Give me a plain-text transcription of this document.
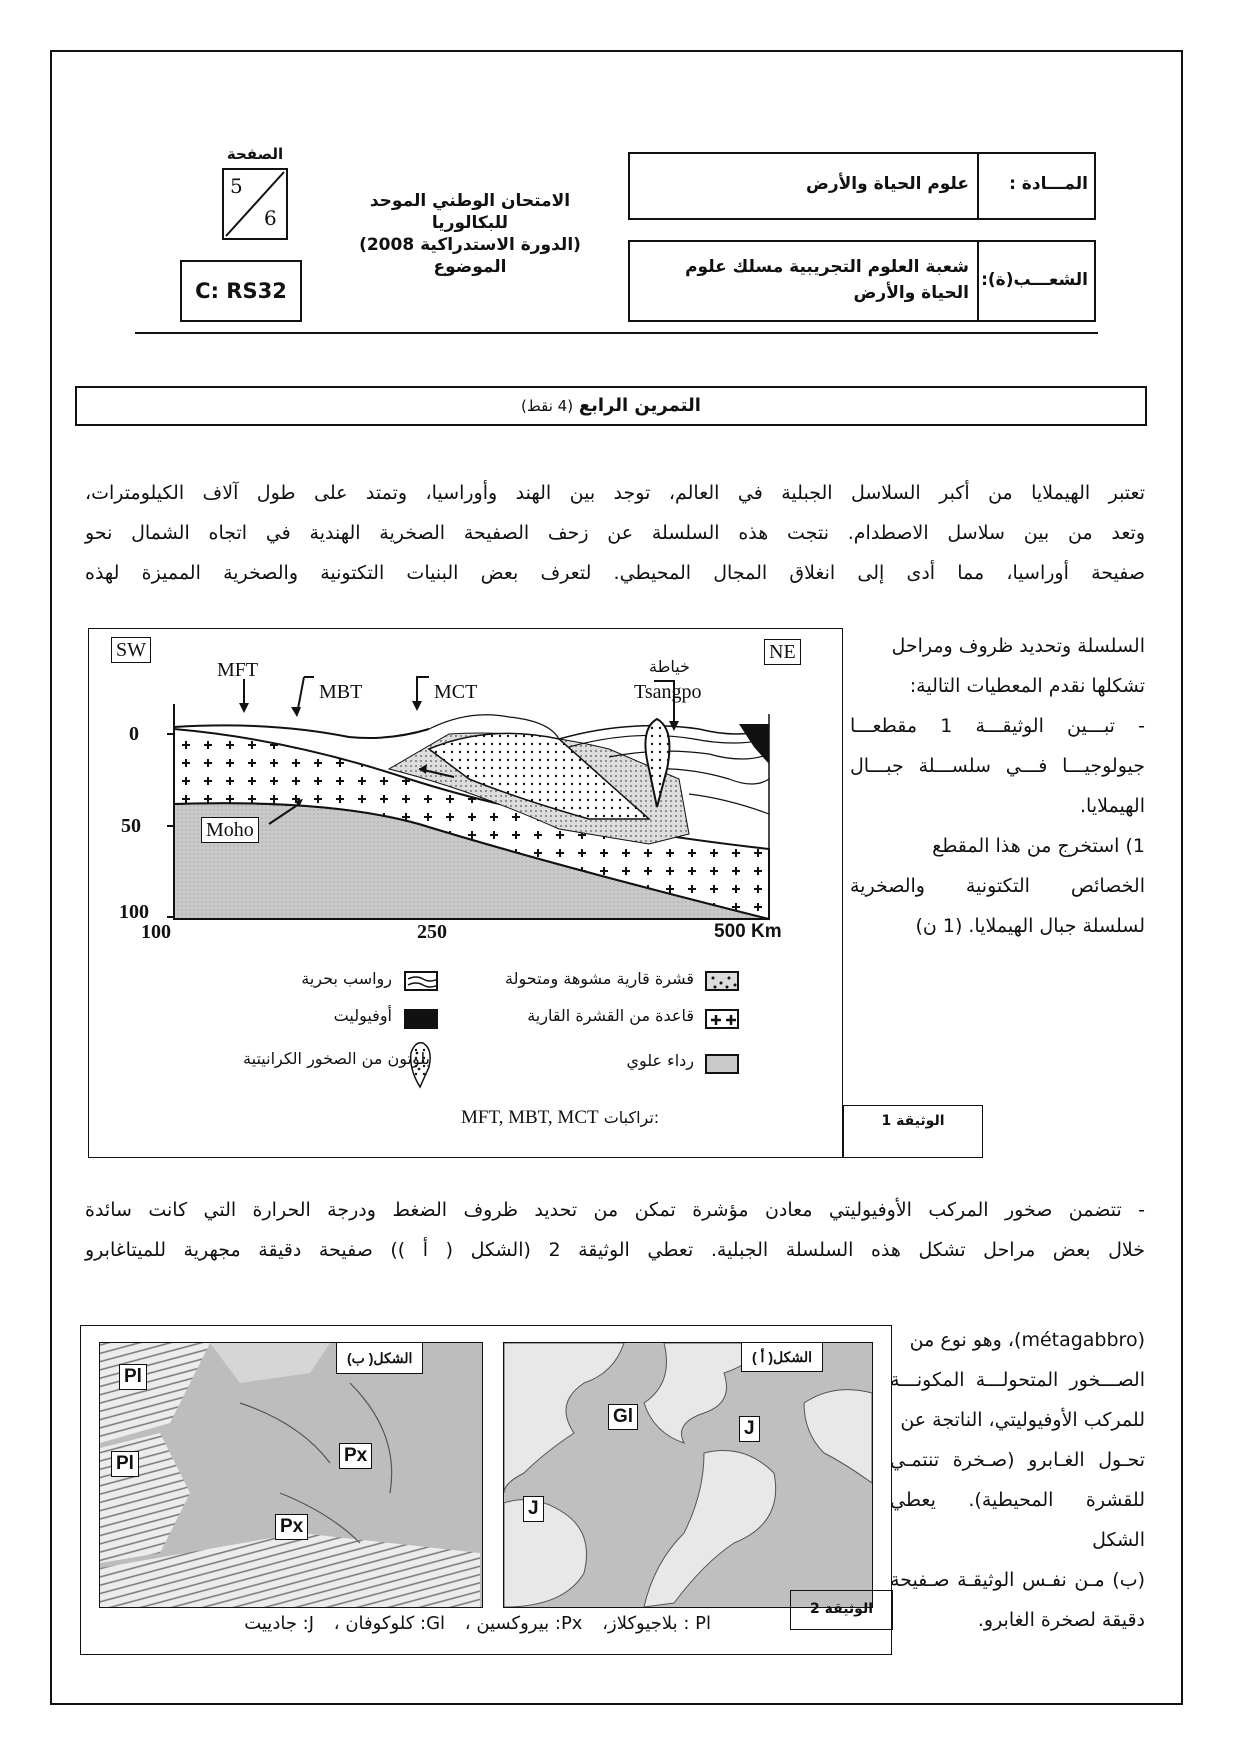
الصفحة
5
6
C: RS32
الامتحان الوطني الموحد للبكالوريا
(الدورة الاستدراكية 2008)
الموضوع
المـــادة :
علوم الحياة والأرض
الشعـــب(ة):
شعبة العلوم التجريبية مسلك علوم الحياة والأرض
التمرين الرابع (4 نقط)

تعتبر الهيملايا من أكبر السلاسل الجبلية في العالم، توجد بين الهند وأوراسيا، وتمتد على طول آلاف الكيلومترات،

وتعد من بين سلاسل الاصطدام. نتجت هذه السلسلة عن زحف الصفيحة الصخرية الهندية في اتجاه الشمال نحو

صفيحة أوراسيا، مما أدى إلى انغلاق المجال المحيطي. لتعرف بعض البنيات التكتونية والصخرية المميزة لهذه

السلسلة وتحديد ظروف ومراحل

تشكلها نقدم المعطيات التالية:

- تبـــين الوثيقـــة 1 مقطعـــا

جيولوجيـــا فـــي سلســـلة جبـــال

الهيملايا.

1) استخرج من هذا المقطع

الخصائص التكتونية والصخرية

لسلسلة جبال الهيملايا. (1 ن)

SW	NE
MFT
MBT	MCT
خياطة
Tsangpo
Moho
0
50
100
100	250	500 Km
رواسب بحرية
أوفيوليت
بلوتون من الصخور الكرانيتية
قشرة قارية مشوهة ومتحولة
قاعدة من القشرة القارية
رداء علوي
MFT, MBT, MCT تراكبات:	الوثيقة 1

- تتضمن صخور المركب الأوفيوليتي معادن مؤشرة تمكن من تحديد ظروف الضغط ودرجة الحرارة التي كانت سائدة

خلال بعض مراحل تشكل هذه السلسلة الجبلية. تعطي الوثيقة 2 (الشكل ( أ )) صفيحة دقيقة مجهرية للميتاغابرو

(métagabbro)، وهو نوع من

الصـــخور المتحولـــة المكونـــة

للمركب الأوفيوليتي، الناتجة عن

تحـول الغـابرو (صـخرة تنتمـي

للقشرة المحيطية). يعطي الشكل

(ب) مـن نفـس الوثيقـة صـفيحة

دقيقة لصخرة الغابرو.

الشكل( ب)	الشكل( أ )
Pl
Pl	Px
Px
Gl
J
J
Pl : بلاجيوكلاز، Px: بيروكسين ، Gl: كلوكوفان ، J: جادييت
الوثيقة 2
